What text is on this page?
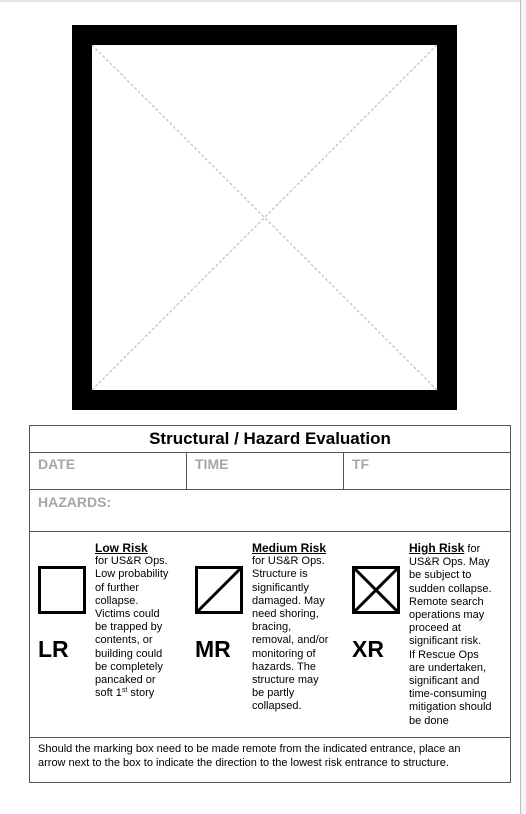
Structural / Hazard Evaluation
DATE	TIME	TF
HAZARDS:
LR
Low Risk
for US&R Ops.
Low probability
of further
collapse.
Victims could
be trapped by
contents, or
building could
be completely
pancaked or
soft 1st story
MR
Medium Risk
for US&R Ops.
Structure is
significantly
damaged. May
need shoring,
bracing,
removal, and/or
monitoring of
hazards. The
structure may
be partly
collapsed.
XR
High Risk for
US&R Ops. May
be subject to
sudden collapse.
Remote search
operations may
proceed at
significant risk.
If Rescue Ops
are undertaken,
significant and
time-consuming
mitigation should
be done
Should the marking box need to be made remote from the indicated entrance, place an
arrow next to the box to indicate the direction to the lowest risk entrance to structure.
